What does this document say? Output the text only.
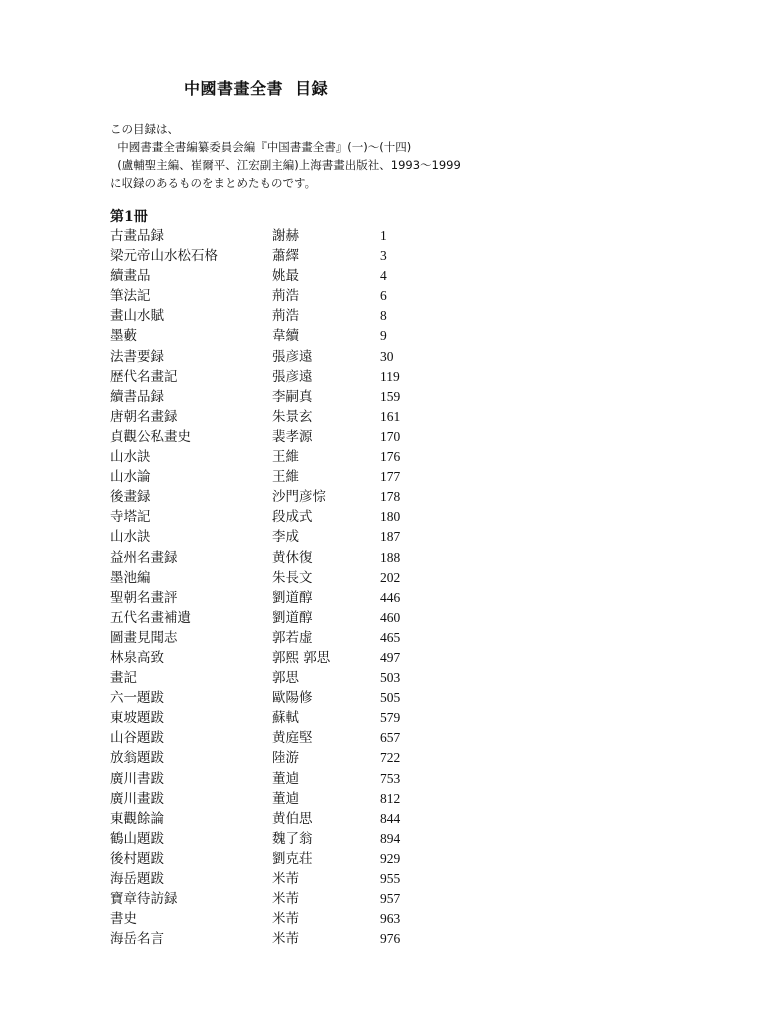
中國書畫全書  目録
この目録は、
中國書畫全書編纂委員会編『中国書畫全書』(一)～(十四)
(盧輔聖主編、崔爾平、江宏副主編)上海書畫出版社、1993～1999
に収録のあるものをまとめたものです。
第1冊
古畫品録	謝赫	1
梁元帝山水松石格	蕭繹	3
續畫品	姚最	4
筆法記	荊浩	6
畫山水賦	荊浩	8
墨藪	韋續	9
法書要録	張彦遠	30
歴代名畫記	張彦遠	119
續書品録	李嗣真	159
唐朝名畫録	朱景玄	161
貞觀公私畫史	裴孝源	170
山水訣	王維	176
山水論	王維	177
後畫録	沙門彦悰	178
寺塔記	段成式	180
山水訣	李成	187
益州名畫録	黄休復	188
墨池編	朱長文	202
聖朝名畫評	劉道醇	446
五代名畫補遺	劉道醇	460
圖畫見聞志	郭若虚	465
林泉高致	郭熙 郭思	497
畫記	郭思	503
六一題跋	歐陽修	505
東坡題跋	蘇軾	579
山谷題跋	黄庭堅	657
放翁題跋	陸游	722
廣川書跋	董逌	753
廣川畫跋	董逌	812
東觀餘論	黄伯思	844
鶴山題跋	魏了翁	894
後村題跋	劉克荘	929
海岳題跋	米芾	955
寶章待訪録	米芾	957
書史	米芾	963
海岳名言	米芾	976
